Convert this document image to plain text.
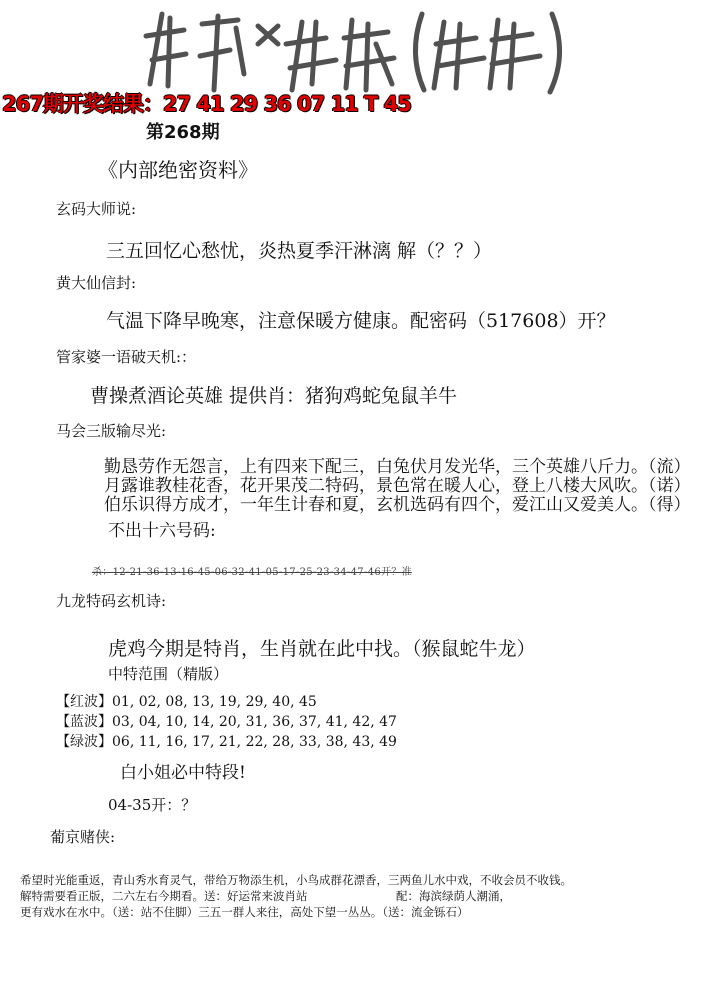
精打*细算(精版)
267期开奖结果：27 41 29 36 07 11 T 45
第268期
《内部绝密资料》
玄码大师说:
三五回忆心愁忧，炎热夏季汗淋漓 解（？？）
黄大仙信封:
气温下降早晚寒，注意保暖方健康。配密码（517608）开？
管家婆一语破天机:：
曹操煮酒论英雄 提供肖：猪狗鸡蛇兔鼠羊牛
马会三版输尽光:
勤恳劳作无怨言，上有四来下配三，白兔伏月发光华，三个英雄八斤力。（流）
月露谁教桂花香，花开果茂二特码，景色常在暖人心，登上八楼大风吹。（诺）
伯乐识得方成才，一年生计春和夏，玄机选码有四个，爱江山又爱美人。（得）
不出十六号码:
杀：12-21-36-13-16-45-06-32-41-05-17-25-23-34-47-46开？准
九龙特码玄机诗:
虎鸡今期是特肖，生肖就在此中找。（猴鼠蛇牛龙）
中特范围（精版）
【红波】01, 02, 08, 13, 19, 29, 40, 45
【蓝波】03, 04, 10, 14, 20, 31, 36, 37, 41, 42, 47
【绿波】06, 11, 16, 17, 21, 22, 28, 33, 38, 43, 49
白小姐必中特段!
04-35开：？
葡京赌侠:
希望时光能重返，青山秀水育灵气，带给万物添生机，小鸟成群花漂香，三两鱼儿水中戏，不收会员不收钱。
解特需要看正版，二六左右今期看。送：好运常来波肖站	配：海滨绿荫人潮涌，
更有戏水在水中。（送：站不住脚）三五一群人来往，高处下望一丛丛。（送：流金铄石）
